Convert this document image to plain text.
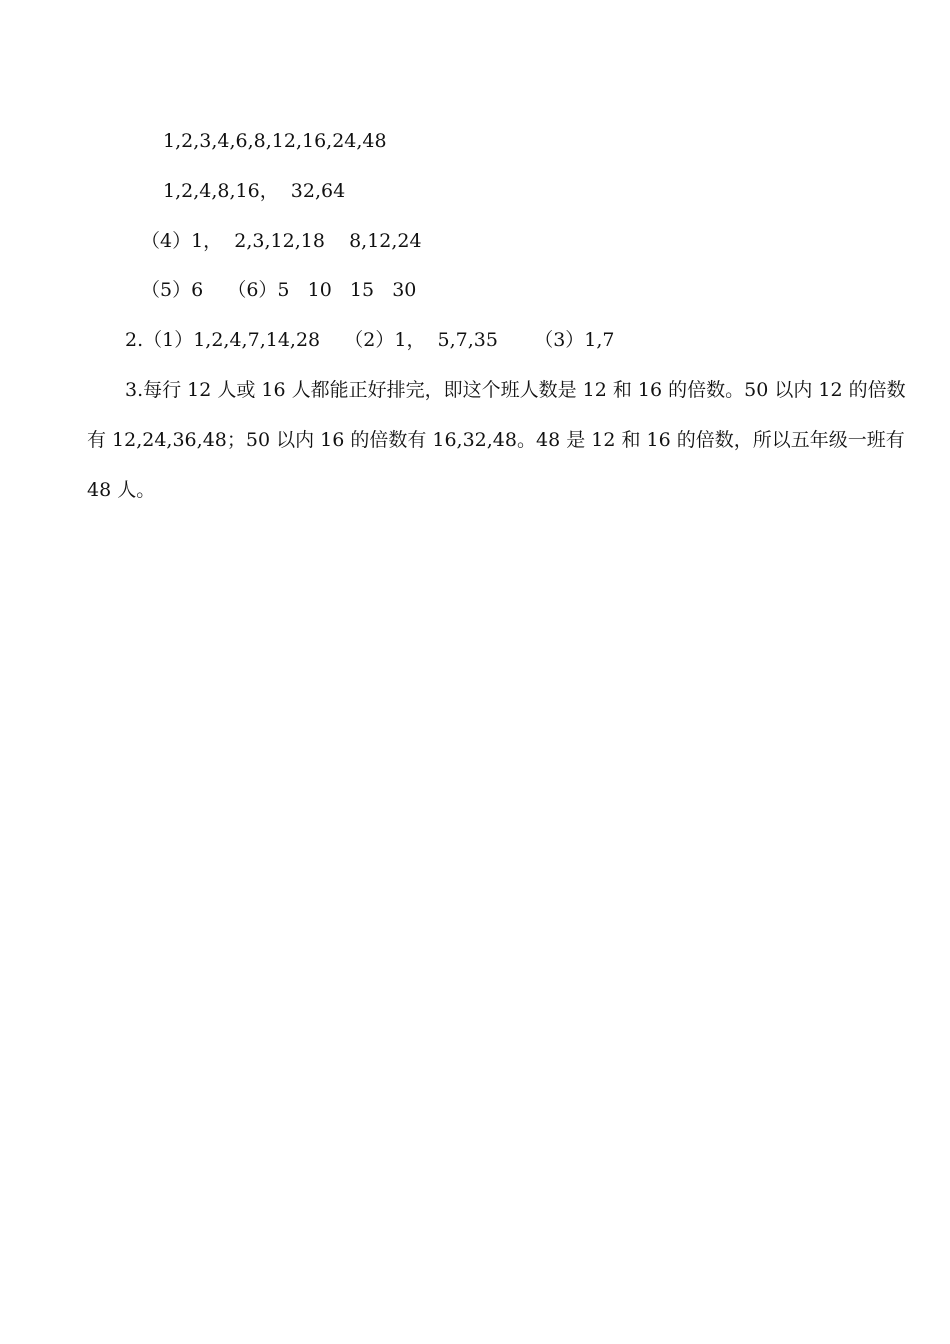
1,2,3,4,6,8,12,16,24,48
1,2,4,8,16，  32,64
（4）1，  2,3,12,18    8,12,24
（5）6    （6）5   10   15   30
2.（1）1,2,4,7,14,28    （2）1，  5,7,35      （3）1,7
3.每行 12 人或 16 人都能正好排完，即这个班人数是 12 和 16 的倍数。50 以内 12 的倍数
有 12,24,36,48；50 以内 16 的倍数有 16,32,48。48 是 12 和 16 的倍数，所以五年级一班有
48 人。
